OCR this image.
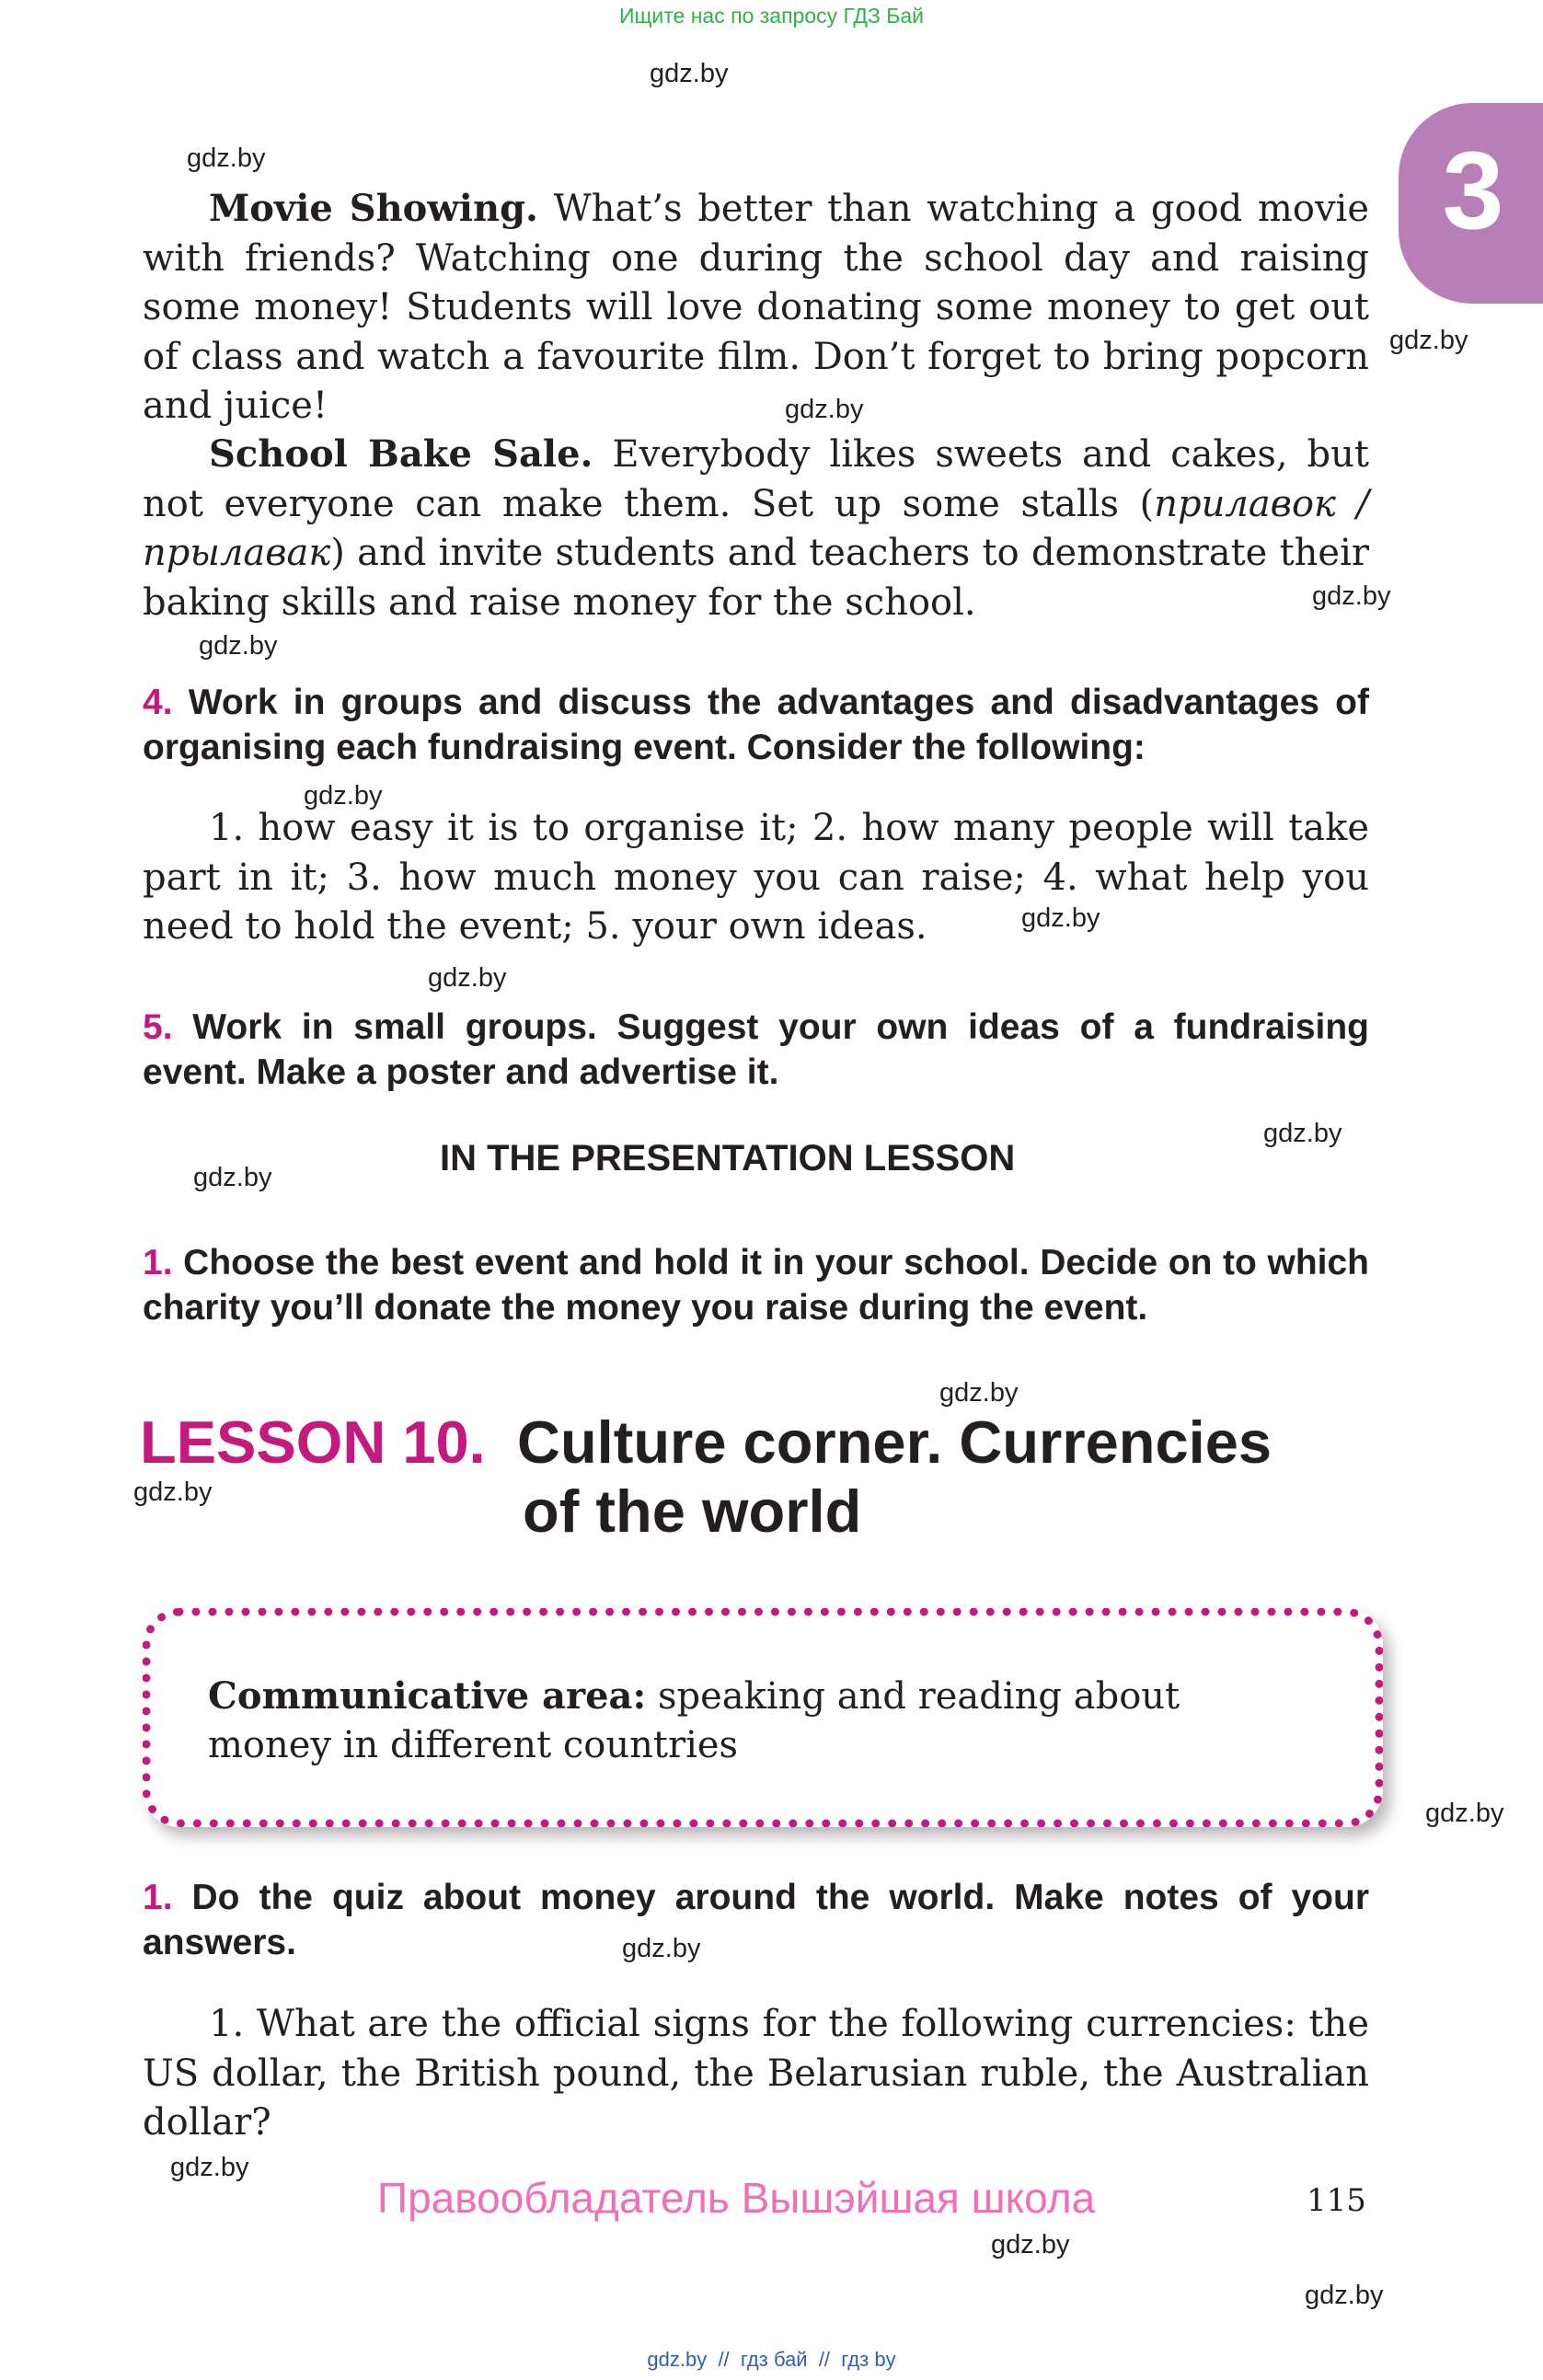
Ищите нас по запросу ГДЗ Бай
3
gdz.by
gdz.by
gdz.by
gdz.by
gdz.by
gdz.by
gdz.by
gdz.by
gdz.by
gdz.by
gdz.by
gdz.by
gdz.by
gdz.by
gdz.by
gdz.by
gdz.by
gdz.by
Movie Showing. What’s better than watching a good movie with friends? Watching one during the school day and raising some money! Students will love donating some money to get out of class and watch a favourite film. Don’t forget to bring popcorn and juice!
School Bake Sale. Everybody likes sweets and cakes, but not everyone can make them. Set up some stalls (прилавок / прылавак) and invite students and teachers to demonstrate their baking skills and raise money for the school.
4. Work in groups and discuss the advantages and disadvantages of organising each fundraising event. Consider the following:
1. how easy it is to organise it; 2. how many people will take part in it; 3. how much money you can raise; 4. what help you need to hold the event; 5. your own ideas.
5. Work in small groups. Suggest your own ideas of a fundraising event. Make a poster and advertise it.
IN THE PRESENTATION LESSON
1. Choose the best event and hold it in your school. Decide on to which charity you’ll donate the money you raise during the event.
LESSON 10. Culture corner. Currencies
of the world
Communicative area: speaking and reading about money in different countries
1. Do the quiz about money around the world. Make notes of your answers.
1. What are the official signs for the following currencies: the US dollar, the British pound, the Belarusian ruble, the Australian dollar?
Правообладатель Вышэйшая школа	115
gdz.by  //  гдз бай  //  гдз by
